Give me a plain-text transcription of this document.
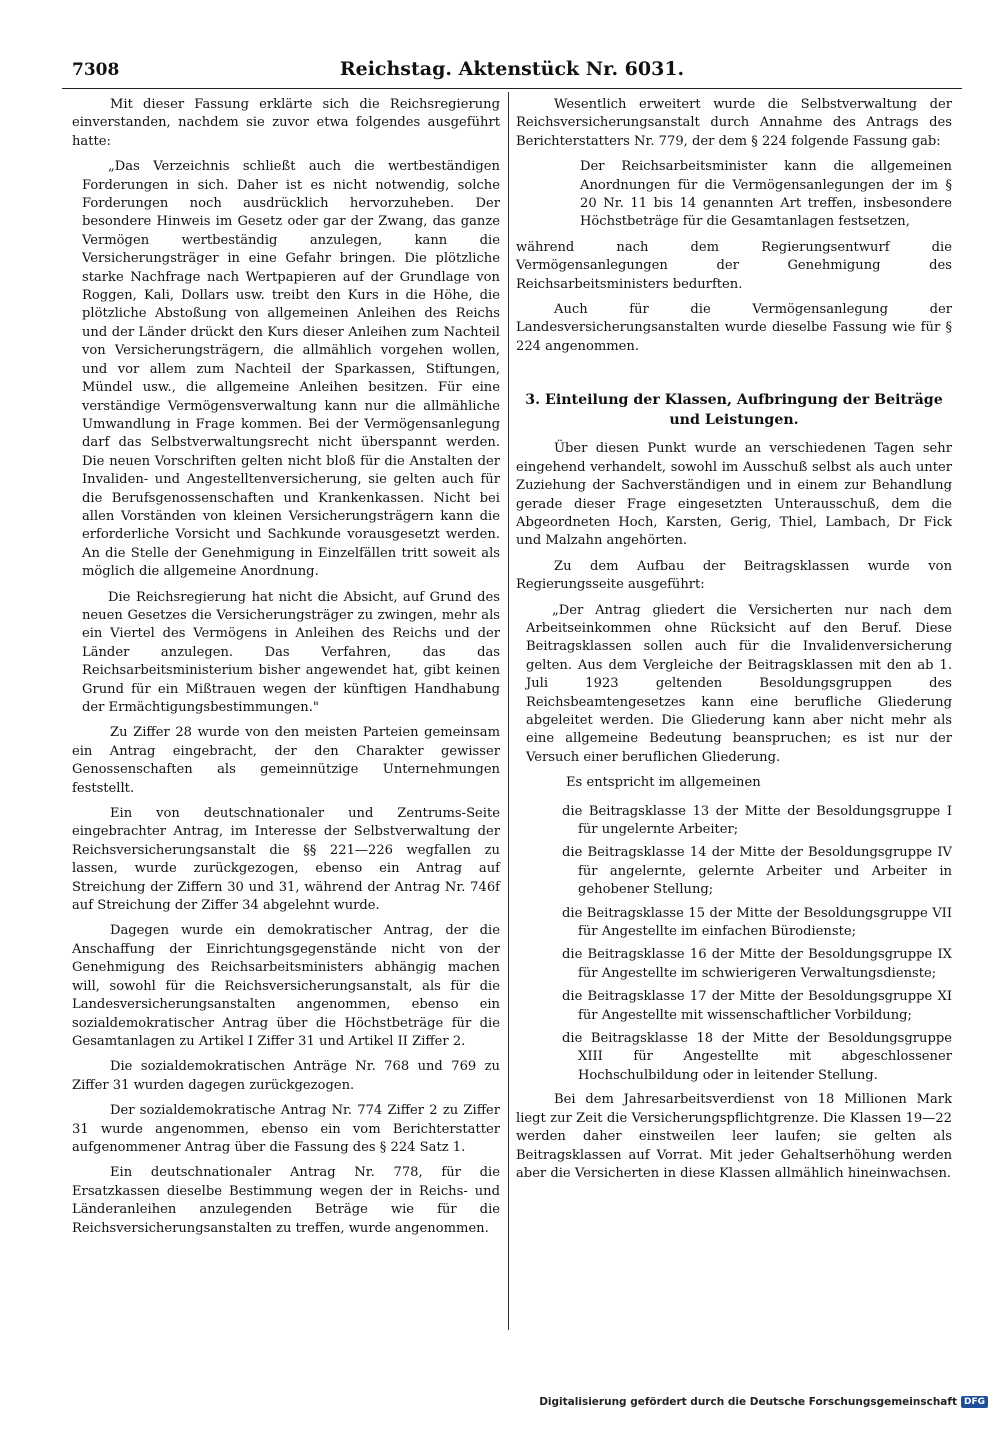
7308	Reichstag. Aktenstück Nr. 6031.

Mit dieser Fassung erklärte sich die Reichsregierung einverstanden, nachdem sie zuvor etwa folgendes ausgeführt hatte:

„Das Verzeichnis schließt auch die wertbeständigen Forderungen in sich. Daher ist es nicht notwendig, solche Forderungen noch ausdrücklich hervorzuheben. Der besondere Hinweis im Gesetz oder gar der Zwang, das ganze Vermögen wertbeständig anzulegen, kann die Versicherungsträger in eine Gefahr bringen. Die plötzliche starke Nachfrage nach Wertpapieren auf der Grundlage von Roggen, Kali, Dollars usw. treibt den Kurs in die Höhe, die plötzliche Abstoßung von allgemeinen Anleihen des Reichs und der Länder drückt den Kurs dieser Anleihen zum Nachteil von Versicherungsträgern, die allmählich vorgehen wollen, und vor allem zum Nachteil der Sparkassen, Stiftungen, Mündel usw., die allgemeine Anleihen besitzen. Für eine verständige Vermögensverwaltung kann nur die allmähliche Umwandlung in Frage kommen. Bei der Vermögensanlegung darf das Selbstverwaltungsrecht nicht überspannt werden. Die neuen Vorschriften gelten nicht bloß für die Anstalten der Invaliden- und Angestelltenversicherung, sie gelten auch für die Berufsgenossenschaften und Krankenkassen. Nicht bei allen Vorständen von kleinen Versicherungsträgern kann die erforderliche Vorsicht und Sachkunde vorausgesetzt werden. An die Stelle der Genehmigung in Einzelfällen tritt soweit als möglich die allgemeine Anordnung.

Die Reichsregierung hat nicht die Absicht, auf Grund des neuen Gesetzes die Versicherungsträger zu zwingen, mehr als ein Viertel des Vermögens in Anleihen des Reichs und der Länder anzulegen. Das Verfahren, das das Reichsarbeitsministerium bisher angewendet hat, gibt keinen Grund für ein Mißtrauen wegen der künftigen Handhabung der Ermächtigungsbestimmungen."

Zu Ziffer 28 wurde von den meisten Parteien gemeinsam ein Antrag eingebracht, der den Charakter gewisser Genossenschaften als gemeinnützige Unternehmungen feststellt.

Ein von deutschnationaler und Zentrums-Seite eingebrachter Antrag, im Interesse der Selbstverwaltung der Reichsversicherungsanstalt die §§ 221—226 wegfallen zu lassen, wurde zurückgezogen, ebenso ein Antrag auf Streichung der Ziffern 30 und 31, während der Antrag Nr. 746f auf Streichung der Ziffer 34 abgelehnt wurde.

Dagegen wurde ein demokratischer Antrag, der die Anschaffung der Einrichtungsgegenstände nicht von der Genehmigung des Reichsarbeitsministers abhängig machen will, sowohl für die Reichsversicherungsanstalt, als für die Landesversicherungsanstalten angenommen, ebenso ein sozialdemokratischer Antrag über die Höchstbeträge für die Gesamtanlagen zu Artikel I Ziffer 31 und Artikel II Ziffer 2.

Die sozialdemokratischen Anträge Nr. 768 und 769 zu Ziffer 31 wurden dagegen zurückgezogen.

Der sozialdemokratische Antrag Nr. 774 Ziffer 2 zu Ziffer 31 wurde angenommen, ebenso ein vom Berichterstatter aufgenommener Antrag über die Fassung des § 224 Satz 1.

Ein deutschnationaler Antrag Nr. 778, für die Ersatzkassen dieselbe Bestimmung wegen der in Reichs- und Länderanleihen anzulegenden Beträge wie für die Reichsversicherungsanstalten zu treffen, wurde angenommen.

Wesentlich erweitert wurde die Selbstverwaltung der Reichsversicherungsanstalt durch Annahme des Antrags des Berichterstatters Nr. 779, der dem § 224 folgende Fassung gab:

Der Reichsarbeitsminister kann die allgemeinen Anordnungen für die Vermögensanlegungen der im § 20 Nr. 11 bis 14 genannten Art treffen, insbesondere Höchstbeträge für die Gesamtanlagen festsetzen,

während nach dem Regierungsentwurf die Vermögensanlegungen der Genehmigung des Reichsarbeitsministers bedurften.

Auch für die Vermögensanlegung der Landesversicherungsanstalten wurde dieselbe Fassung wie für § 224 angenommen.

3. Einteilung der Klassen, Aufbringung der Beiträge
und Leistungen.

Über diesen Punkt wurde an verschiedenen Tagen sehr eingehend verhandelt, sowohl im Ausschuß selbst als auch unter Zuziehung der Sachverständigen und in einem zur Behandlung gerade dieser Frage eingesetzten Unterausschuß, dem die Abgeordneten Hoch, Karsten, Gerig, Thiel, Lambach, Dr Fick und Malzahn angehörten.

Zu dem Aufbau der Beitragsklassen wurde von Regierungsseite ausgeführt:

„Der Antrag gliedert die Versicherten nur nach dem Arbeitseinkommen ohne Rücksicht auf den Beruf. Diese Beitragsklassen sollen auch für die Invalidenversicherung gelten. Aus dem Vergleiche der Beitragsklassen mit den ab 1. Juli 1923 geltenden Besoldungsgruppen des Reichsbeamtengesetzes kann eine berufliche Gliederung abgeleitet werden. Die Gliederung kann aber nicht mehr als eine allgemeine Bedeutung beanspruchen; es ist nur der Versuch einer beruflichen Gliederung.

Es entspricht im allgemeinen

die Beitragsklasse 13 der Mitte der Besoldungsgruppe I für ungelernte Arbeiter;
die Beitragsklasse 14 der Mitte der Besoldungsgruppe IV für angelernte, gelernte Arbeiter und Arbeiter in gehobener Stellung;
die Beitragsklasse 15 der Mitte der Besoldungsgruppe VII für Angestellte im einfachen Bürodienste;
die Beitragsklasse 16 der Mitte der Besoldungsgruppe IX für Angestellte im schwierigeren Verwaltungsdienste;
die Beitragsklasse 17 der Mitte der Besoldungsgruppe XI für Angestellte mit wissenschaftlicher Vorbildung;
die Beitragsklasse 18 der Mitte der Besoldungsgruppe XIII für Angestellte mit abgeschlossener Hochschulbildung oder in leitender Stellung.

Bei dem Jahresarbeitsverdienst von 18 Millionen Mark liegt zur Zeit die Versicherungspflichtgrenze. Die Klassen 19—22 werden daher einstweilen leer laufen; sie gelten als Beitragsklassen auf Vorrat. Mit jeder Gehaltserhöhung werden aber die Versicherten in diese Klassen allmählich hineinwachsen.

Digitalisierung gefördert durch die Deutsche Forschungsgemeinschaft DFG
